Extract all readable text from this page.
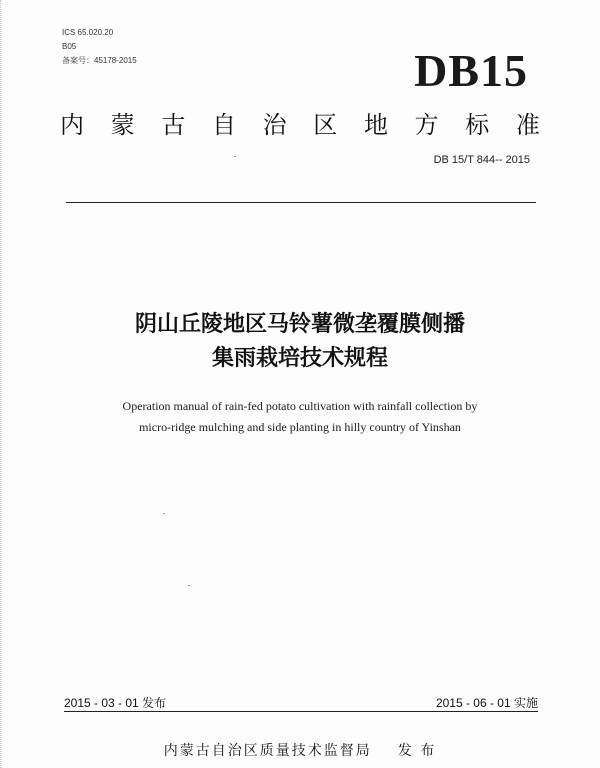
ICS 65.020.20
B05
备案号：45178-2015	DB15
内 蒙 古 自 治 区 地 方 标 准
DB 15/T 844-- 2015
阴山丘陵地区马铃薯微垄覆膜侧播
集雨栽培技术规程
Operation manual of rain-fed potato cultivation with rainfall collection by
micro-ridge mulching and side planting in hilly country of Yinshan
2015 - 03 - 01 发布	2015 - 06 - 01 实施
内蒙古自治区质量技术监督局 发 布
